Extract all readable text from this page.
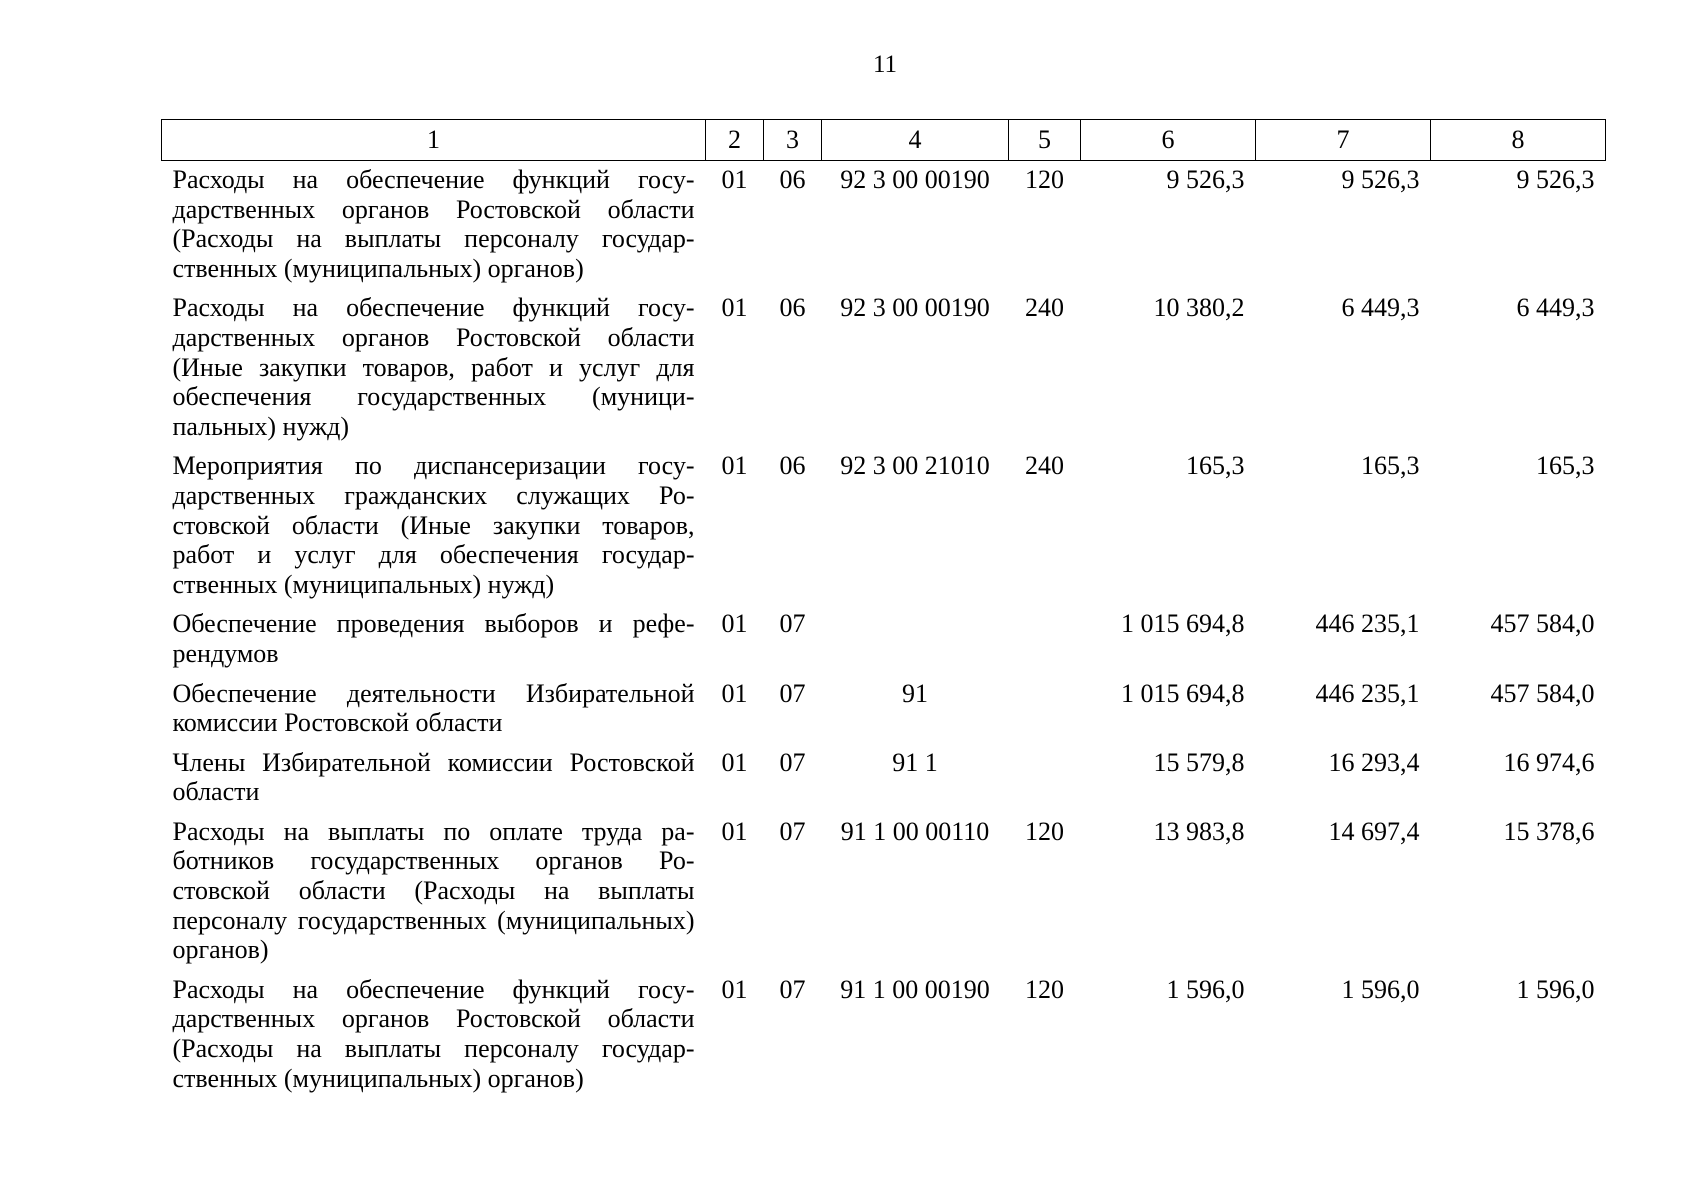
11
1	2	3	4	5	6	7	8
Расходы на обеспечение функций государственных органов Ростовской области (Расходы на выплаты персоналу государственных (муниципальных) органов)	01	06	92 3 00 00190	120	9 526,3	9 526,3	9 526,3
Расходы на обеспечение функций государственных органов Ростовской области (Иные закупки товаров, работ и услуг для обеспечения государственных (муниципальных) нужд)	01	06	92 3 00 00190	240	10 380,2	6 449,3	6 449,3
Мероприятия по диспансеризации государственных гражданских служащих Ростовской области (Иные закупки товаров, работ и услуг для обеспечения государственных (муниципальных) нужд)	01	06	92 3 00 21010	240	165,3	165,3	165,3
Обеспечение проведения выборов и референдумов	01	07			1 015 694,8	446 235,1	457 584,0
Обеспечение деятельности Избирательной комиссии Ростовской области	01	07	91		1 015 694,8	446 235,1	457 584,0
Члены Избирательной комиссии Ростовской области	01	07	91 1		15 579,8	16 293,4	16 974,6
Расходы на выплаты по оплате труда работников государственных органов Ростовской области (Расходы на выплаты персоналу государственных (муниципальных) органов)	01	07	91 1 00 00110	120	13 983,8	14 697,4	15 378,6
Расходы на обеспечение функций государственных органов Ростовской области (Расходы на выплаты персоналу государственных (муниципальных) органов)	01	07	91 1 00 00190	120	1 596,0	1 596,0	1 596,0
